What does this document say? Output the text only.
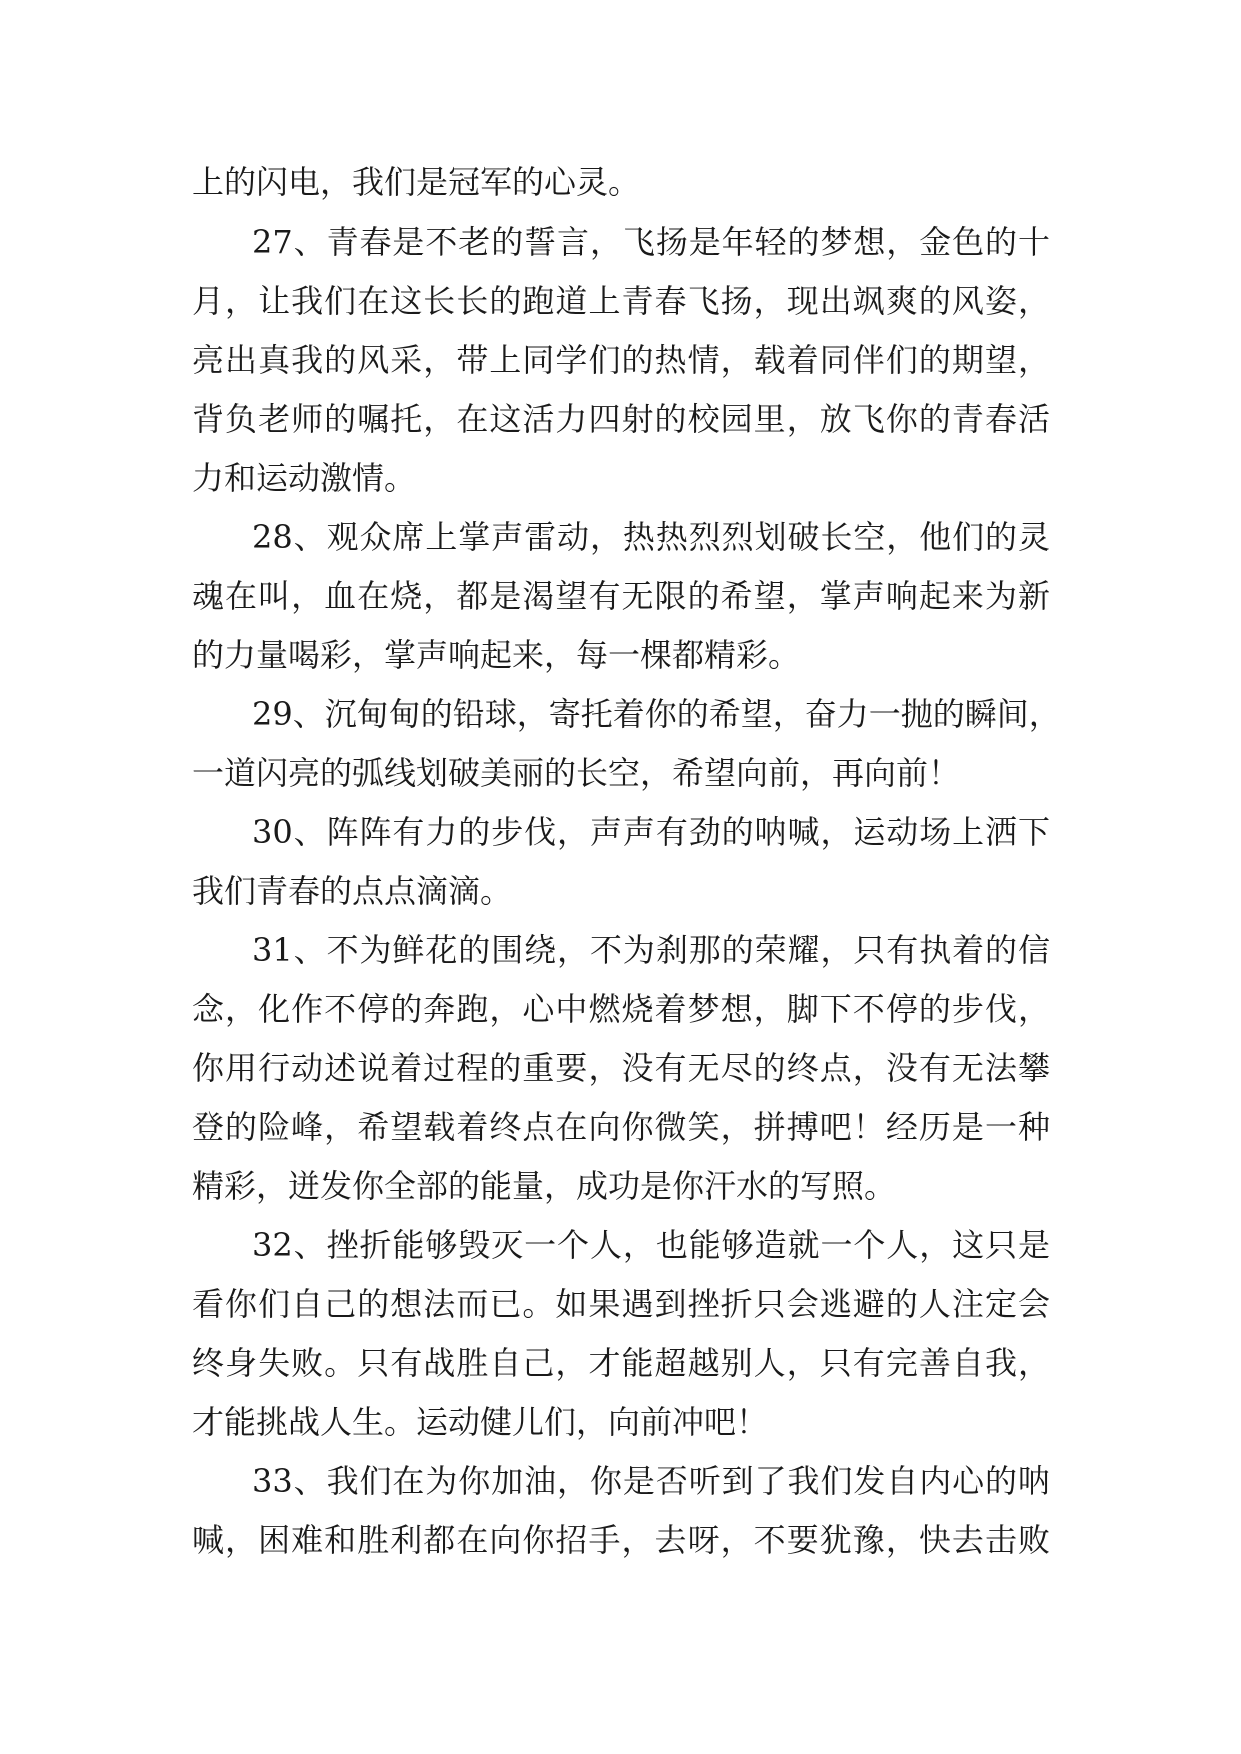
上的闪电，我们是冠军的心灵。
27、青春是不老的誓言，飞扬是年轻的梦想，金色的十
月，让我们在这长长的跑道上青春飞扬，现出飒爽的风姿，
亮出真我的风采，带上同学们的热情，载着同伴们的期望，
背负老师的嘱托，在这活力四射的校园里，放飞你的青春活
力和运动激情。
28、观众席上掌声雷动，热热烈烈划破长空，他们的灵
魂在叫，血在烧，都是渴望有无限的希望，掌声响起来为新
的力量喝彩，掌声响起来，每一棵都精彩。
29、沉甸甸的铅球，寄托着你的希望，奋力一抛的瞬间，
一道闪亮的弧线划破美丽的长空，希望向前，再向前！
30、阵阵有力的步伐，声声有劲的呐喊，运动场上洒下
我们青春的点点滴滴。
31、不为鲜花的围绕，不为刹那的荣耀，只有执着的信
念，化作不停的奔跑，心中燃烧着梦想，脚下不停的步伐，
你用行动述说着过程的重要，没有无尽的终点，没有无法攀
登的险峰，希望载着终点在向你微笑，拼搏吧！经历是一种
精彩，迸发你全部的能量，成功是你汗水的写照。
32、挫折能够毁灭一个人，也能够造就一个人，这只是
看你们自己的想法而已。如果遇到挫折只会逃避的人注定会
终身失败。只有战胜自己，才能超越别人，只有完善自我，
才能挑战人生。运动健儿们，向前冲吧！
33、我们在为你加油，你是否听到了我们发自内心的呐
喊，困难和胜利都在向你招手，去呀，不要犹豫，快去击败
